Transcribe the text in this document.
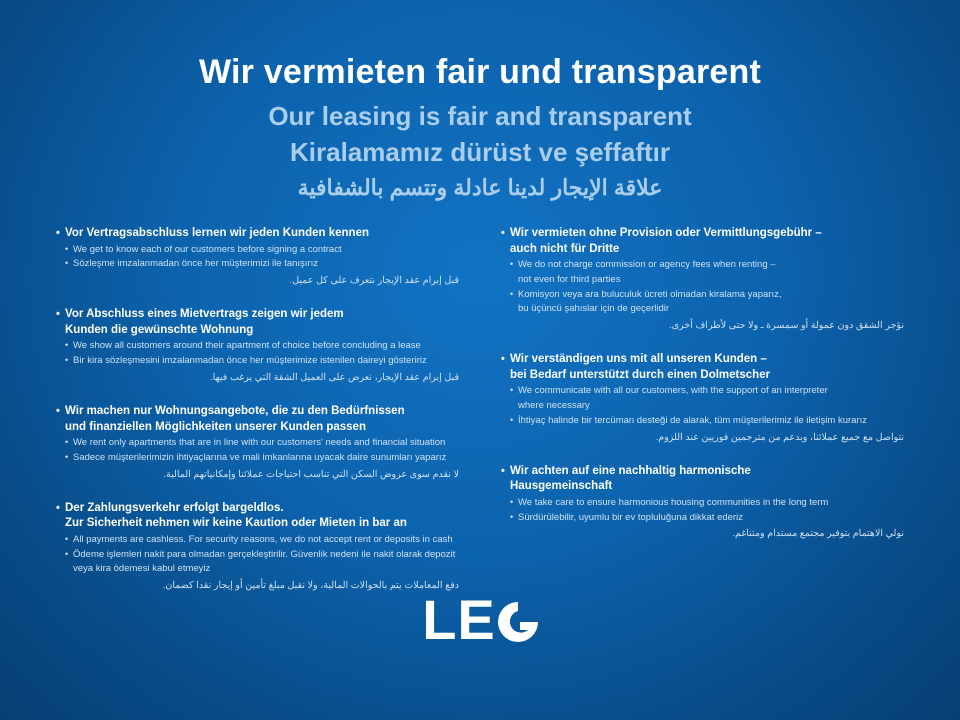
Wir vermieten fair und transparent
Our leasing is fair and transparent
Kiralamamız dürüst ve şeffaftır
علاقة الإيجار لدينا عادلة وتتسم بالشفافية
• Vor Vertragsabschluss lernen wir jeden Kunden kennen
• We get to know each of our customers before signing a contract
• Sözleşme imzalanmadan önce her müşterimizi ile tanışırız
قبل إبرام عقد الإيجار نتعرف على كل عميل.
• Vor Abschluss eines Mietvertrags zeigen wir jedem
Kunden die gewünschte Wohnung
• We show all customers around their apartment of choice before concluding a lease
• Bir kira sözleşmesini imzalanmadan önce her müşterimize istenilen daireyi gösteririz
قبل إبرام عقد الإيجار، نعرض على العميل الشقة التي يرغب فيها.
• Wir machen nur Wohnungsangebote, die zu den Bedürfnissen
und finanziellen Möglichkeiten unserer Kunden passen
• We rent only apartments that are in line with our customers' needs and financial situation
• Sadece müşterilerimizin ihtiyaçlarına ve mali imkanlarına uyacak daire sunumları yaparız
لا نقدم سوى عروض السكن التي تناسب احتياجات عملائنا وإمكانياتهم المالية.
• Der Zahlungsverkehr erfolgt bargeldlos.
Zur Sicherheit nehmen wir keine Kaution oder Mieten in bar an
• All payments are cashless. For security reasons, we do not accept rent or deposits in cash
• Ödeme işlemleri nakit para olmadan gerçekleştirilir. Güvenlik nedeni ile nakit olarak depozit
veya kira ödemesi kabul etmeyiz
دفع المعاملات يتم بالحوالات المالية، ولا نقبل مبلغ تأمين أو إيجار نقدا كضمان.
• Wir vermieten ohne Provision oder Vermittlungsgebühr –
auch nicht für Dritte
• We do not charge commission or agency fees when renting –
not even for third parties
• Komisyon veya ara buluculuk ücreti olmadan kiralama yaparız,
bu üçüncü şahıslar için de geçerlidir
نؤجر الشقق دون عمولة أو سمسرة ـ ولا حتى لأطراف أخرى.
• Wir verständigen uns mit all unseren Kunden –
bei Bedarf unterstützt durch einen Dolmetscher
• We communicate with all our customers, with the support of an interpreter
where necessary
• İhtiyaç halinde bir tercüman desteği de alarak, tüm müşterilerimiz ile iletişim kurarız
نتواصل مع جميع عملائنا، وبدعم من مترجمين فوريين عند اللزوم.
• Wir achten auf eine nachhaltig harmonische
Hausgemeinschaft
• We take care to ensure harmonious housing communities in the long term
• Sürdürülebilir, uyumlu bir ev topluluğuna dikkat ederiz
نولي الاهتمام بتوفير مجتمع مستدام ومتناغم.
LE
